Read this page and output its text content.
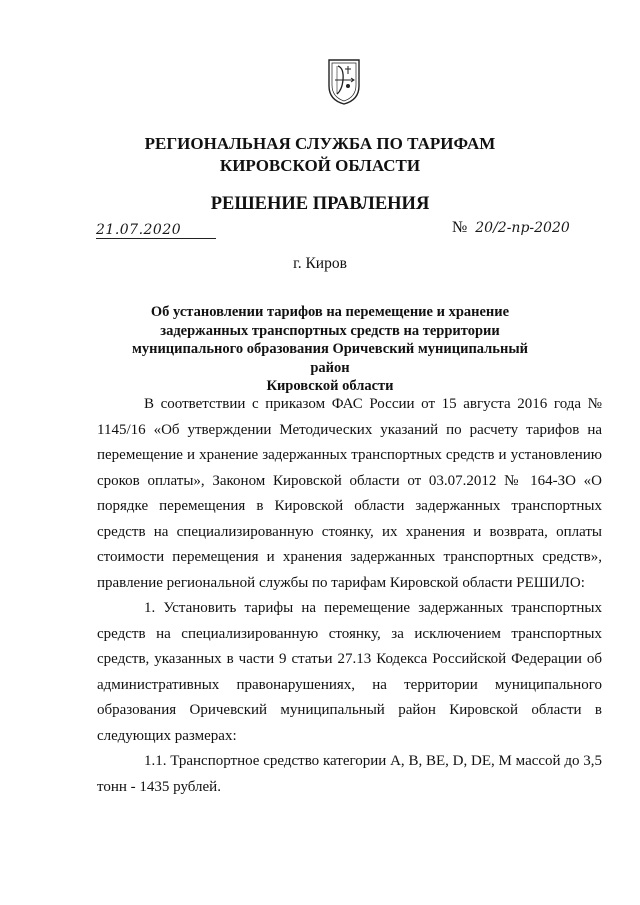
РЕГИОНАЛЬНАЯ СЛУЖБА ПО ТАРИФАМ
КИРОВСКОЙ ОБЛАСТИ
РЕШЕНИЕ ПРАВЛЕНИЯ
21.07.2020	№ 20/2-пр-2020
г. Киров
Об установлении тарифов на перемещение и хранение
задержанных транспортных средств на территории
муниципального образования Оричевский муниципальный район
Кировской области

В соответствии с приказом ФАС России от 15 августа 2016 года № 1145/16 «Об утверждении Методических указаний по расчету тарифов на перемещение и хранение задержанных транспортных средств и установлению сроков оплаты», Законом Кировской области от 03.07.2012 № 164-ЗО «О порядке перемещения в Кировской области задержанных транспортных средств на специализированную стоянку, их хранения и возврата, оплаты стоимости перемещения и хранения задержанных транспортных средств», правление региональной службы по тарифам Кировской области РЕШИЛО:

1. Установить тарифы на перемещение задержанных транспортных средств на специализированную стоянку, за исключением транспортных средств, указанных в части 9 статьи 27.13 Кодекса Российской Федерации об административных правонарушениях, на территории муниципального образования Оричевский муниципальный район Кировской области в следующих размерах:

1.1. Транспортное средство категории A, B, BE, D, DE, M массой до 3,5 тонн - 1435 рублей.
